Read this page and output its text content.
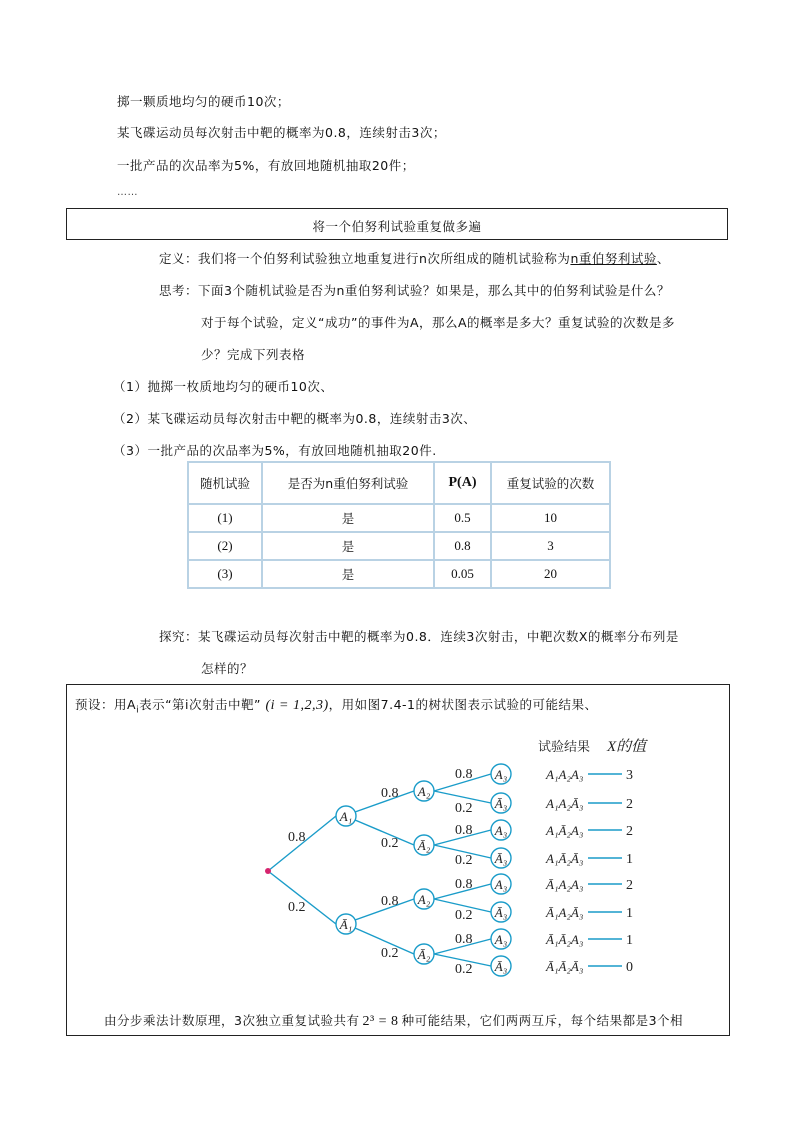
掷一颗质地均匀的硬币10次；
某飞碟运动员每次射击中靶的概率为0.8，连续射击3次；
一批产品的次品率为5%，有放回地随机抽取20件；
……
将一个伯努利试验重复做多遍
定义：我们将一个伯努利试验独立地重复进行n次所组成的随机试验称为n重伯努利试验、
思考：下面3个随机试验是否为n重伯努利试验？如果是，那么其中的伯努利试验是什么？
对于每个试验，定义“成功”的事件为A，那么A的概率是多大？重复试验的次数是多
少？完成下列表格
（1）抛掷一枚质地均匀的硬币10次、
（2）某飞碟运动员每次射击中靶的概率为0.8，连续射击3次、
（3）一批产品的次品率为5%，有放回地随机抽取20件.
随机试验	是否为n重伯努利试验	P(A)	重复试验的次数
(1)	是	0.5	10
(2)	是	0.8	3
(3)	是	0.05	20
探究：某飞碟运动员每次射击中靶的概率为0.8．连续3次射击，中靶次数X的概率分布列是
怎样的？
预设：用$A_i$表示“第i次射击中靶” (i = 1,2,3)，用如图7.4-1的树状图表示试验的可能结果、
A₁
Ā₁
A₂
Ā₂
A₂
Ā₂
A₃
Ā₃
A₃
Ā₃
A₃
Ā₃
A₃
Ā₃
0.8
0.2
0.8
0.2
0.8
0.2
0.8
0.2
0.8
0.2
0.8
0.2
0.8
0.2
A₁A₂A₃	3
A₁A₂Ā₃	2
A₁Ā₂A₃	2
A₁Ā₂Ā₃	1
Ā₁A₂A₃	2
Ā₁A₂Ā₃	1
Ā₁Ā₂A₃	1
Ā₁Ā₂Ā₃	0
试验结果 X的值
由分步乘法计数原理，3次独立重复试验共有 2³ = 8 种可能结果，它们两两互斥，每个结果都是3个相
